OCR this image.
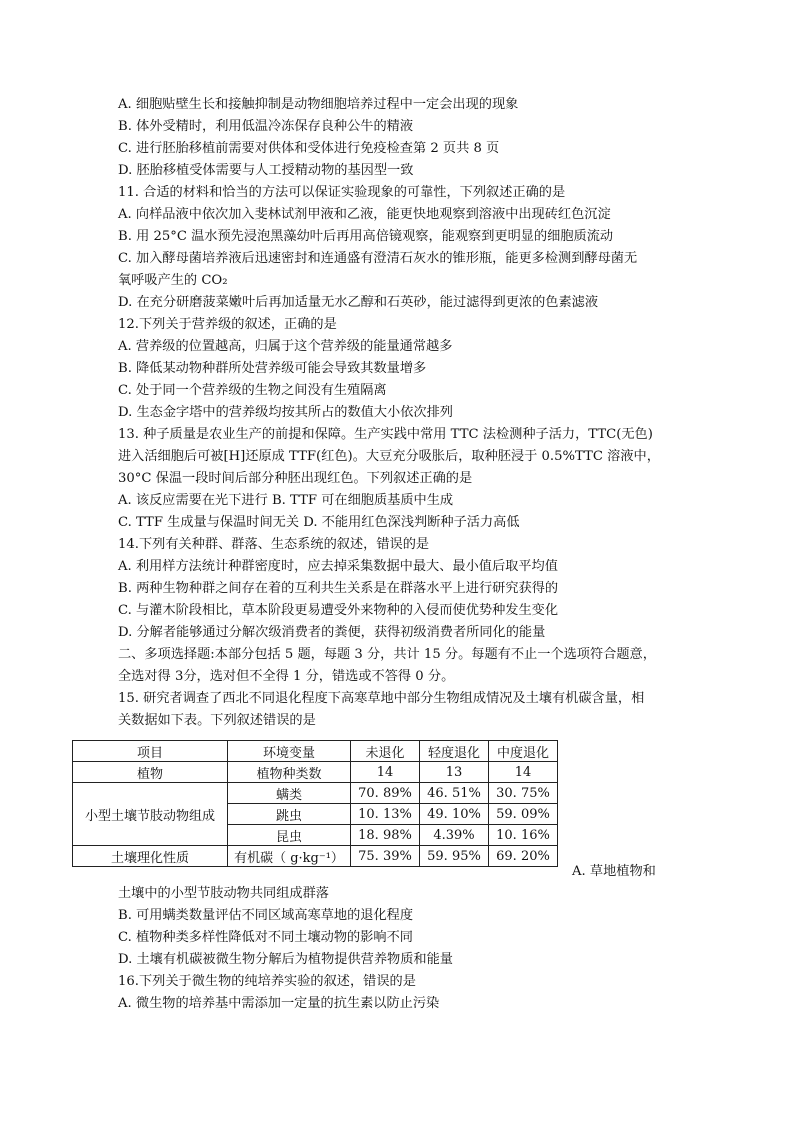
A. 细胞贴壁生长和接触抑制是动物细胞培养过程中一定会出现的现象
B. 体外受精时，利用低温冷冻保存良种公牛的精液
C. 进行胚胎移植前需要对供体和受体进行免疫检查第 2 页共 8 页
D. 胚胎移植受体需要与人工授精动物的基因型一致
11. 合适的材料和恰当的方法可以保证实验现象的可靠性，下列叙述正确的是
A. 向样品液中依次加入斐林试剂甲液和乙液，能更快地观察到溶液中出现砖红色沉淀
B. 用 25°C 温水预先浸泡黑藻幼叶后再用高倍镜观察，能观察到更明显的细胞质流动
C. 加入酵母菌培养液后迅速密封和连通盛有澄清石灰水的锥形瓶，能更多检测到酵母菌无
氧呼吸产生的 CO₂
D. 在充分研磨菠菜嫩叶后再加适量无水乙醇和石英砂，能过滤得到更浓的色素滤液
12.下列关于营养级的叙述，正确的是
A. 营养级的位置越高，归属于这个营养级的能量通常越多
B. 降低某动物种群所处营养级可能会导致其数量增多
C. 处于同一个营养级的生物之间没有生殖隔离
D. 生态金字塔中的营养级均按其所占的数值大小依次排列
13. 种子质量是农业生产的前提和保障。生产实践中常用 TTC 法检测种子活力，TTC(无色)
进入活细胞后可被[H]还原成 TTF(红色)。大豆充分吸胀后，取种胚浸于 0.5%TTC 溶液中，
30°C 保温一段时间后部分种胚出现红色。下列叙述正确的是
A. 该反应需要在光下进行 B. TTF 可在细胞质基质中生成
C. TTF 生成量与保温时间无关 D. 不能用红色深浅判断种子活力高低
14.下列有关种群、群落、生态系统的叙述，错误的是
A. 利用样方法统计种群密度时，应去掉采集数据中最大、最小值后取平均值
B. 两种生物种群之间存在着的互利共生关系是在群落水平上进行研究获得的
C. 与灌木阶段相比，草本阶段更易遭受外来物种的入侵而使优势种发生变化
D. 分解者能够通过分解次级消费者的粪便，获得初级消费者所同化的能量
二、多项选择题:本部分包括 5 题，每题 3 分，共计 15 分。每题有不止一个选项符合题意，
全选对得 3分，选对但不全得 1 分，错选或不答得 0 分。
15. 研究者调查了西北不同退化程度下高寒草地中部分生物组成情况及土壤有机碳含量，相
关数据如下表。下列叙述错误的是
项目	环境变量	未退化	轻度退化	中度退化
植物	植物种类数	14	13	14
小型土壤节肢动物组成	螨类	70. 89%	46. 51%	30. 75%
	跳虫	10. 13%	49. 10%	59. 09%
	昆虫	18. 98%	4.39%	10. 16%
土壤理化性质	有机碳（ g·kg⁻¹）	75. 39%	59. 95%	69. 20%
A. 草地植物和
土壤中的小型节肢动物共同组成群落
B. 可用螨类数量评估不同区域高寒草地的退化程度
C. 植物种类多样性降低对不同土壤动物的影响不同
D. 土壤有机碳被微生物分解后为植物提供营养物质和能量
16.下列关于微生物的纯培养实验的叙述，错误的是
A. 微生物的培养基中需添加一定量的抗生素以防止污染
